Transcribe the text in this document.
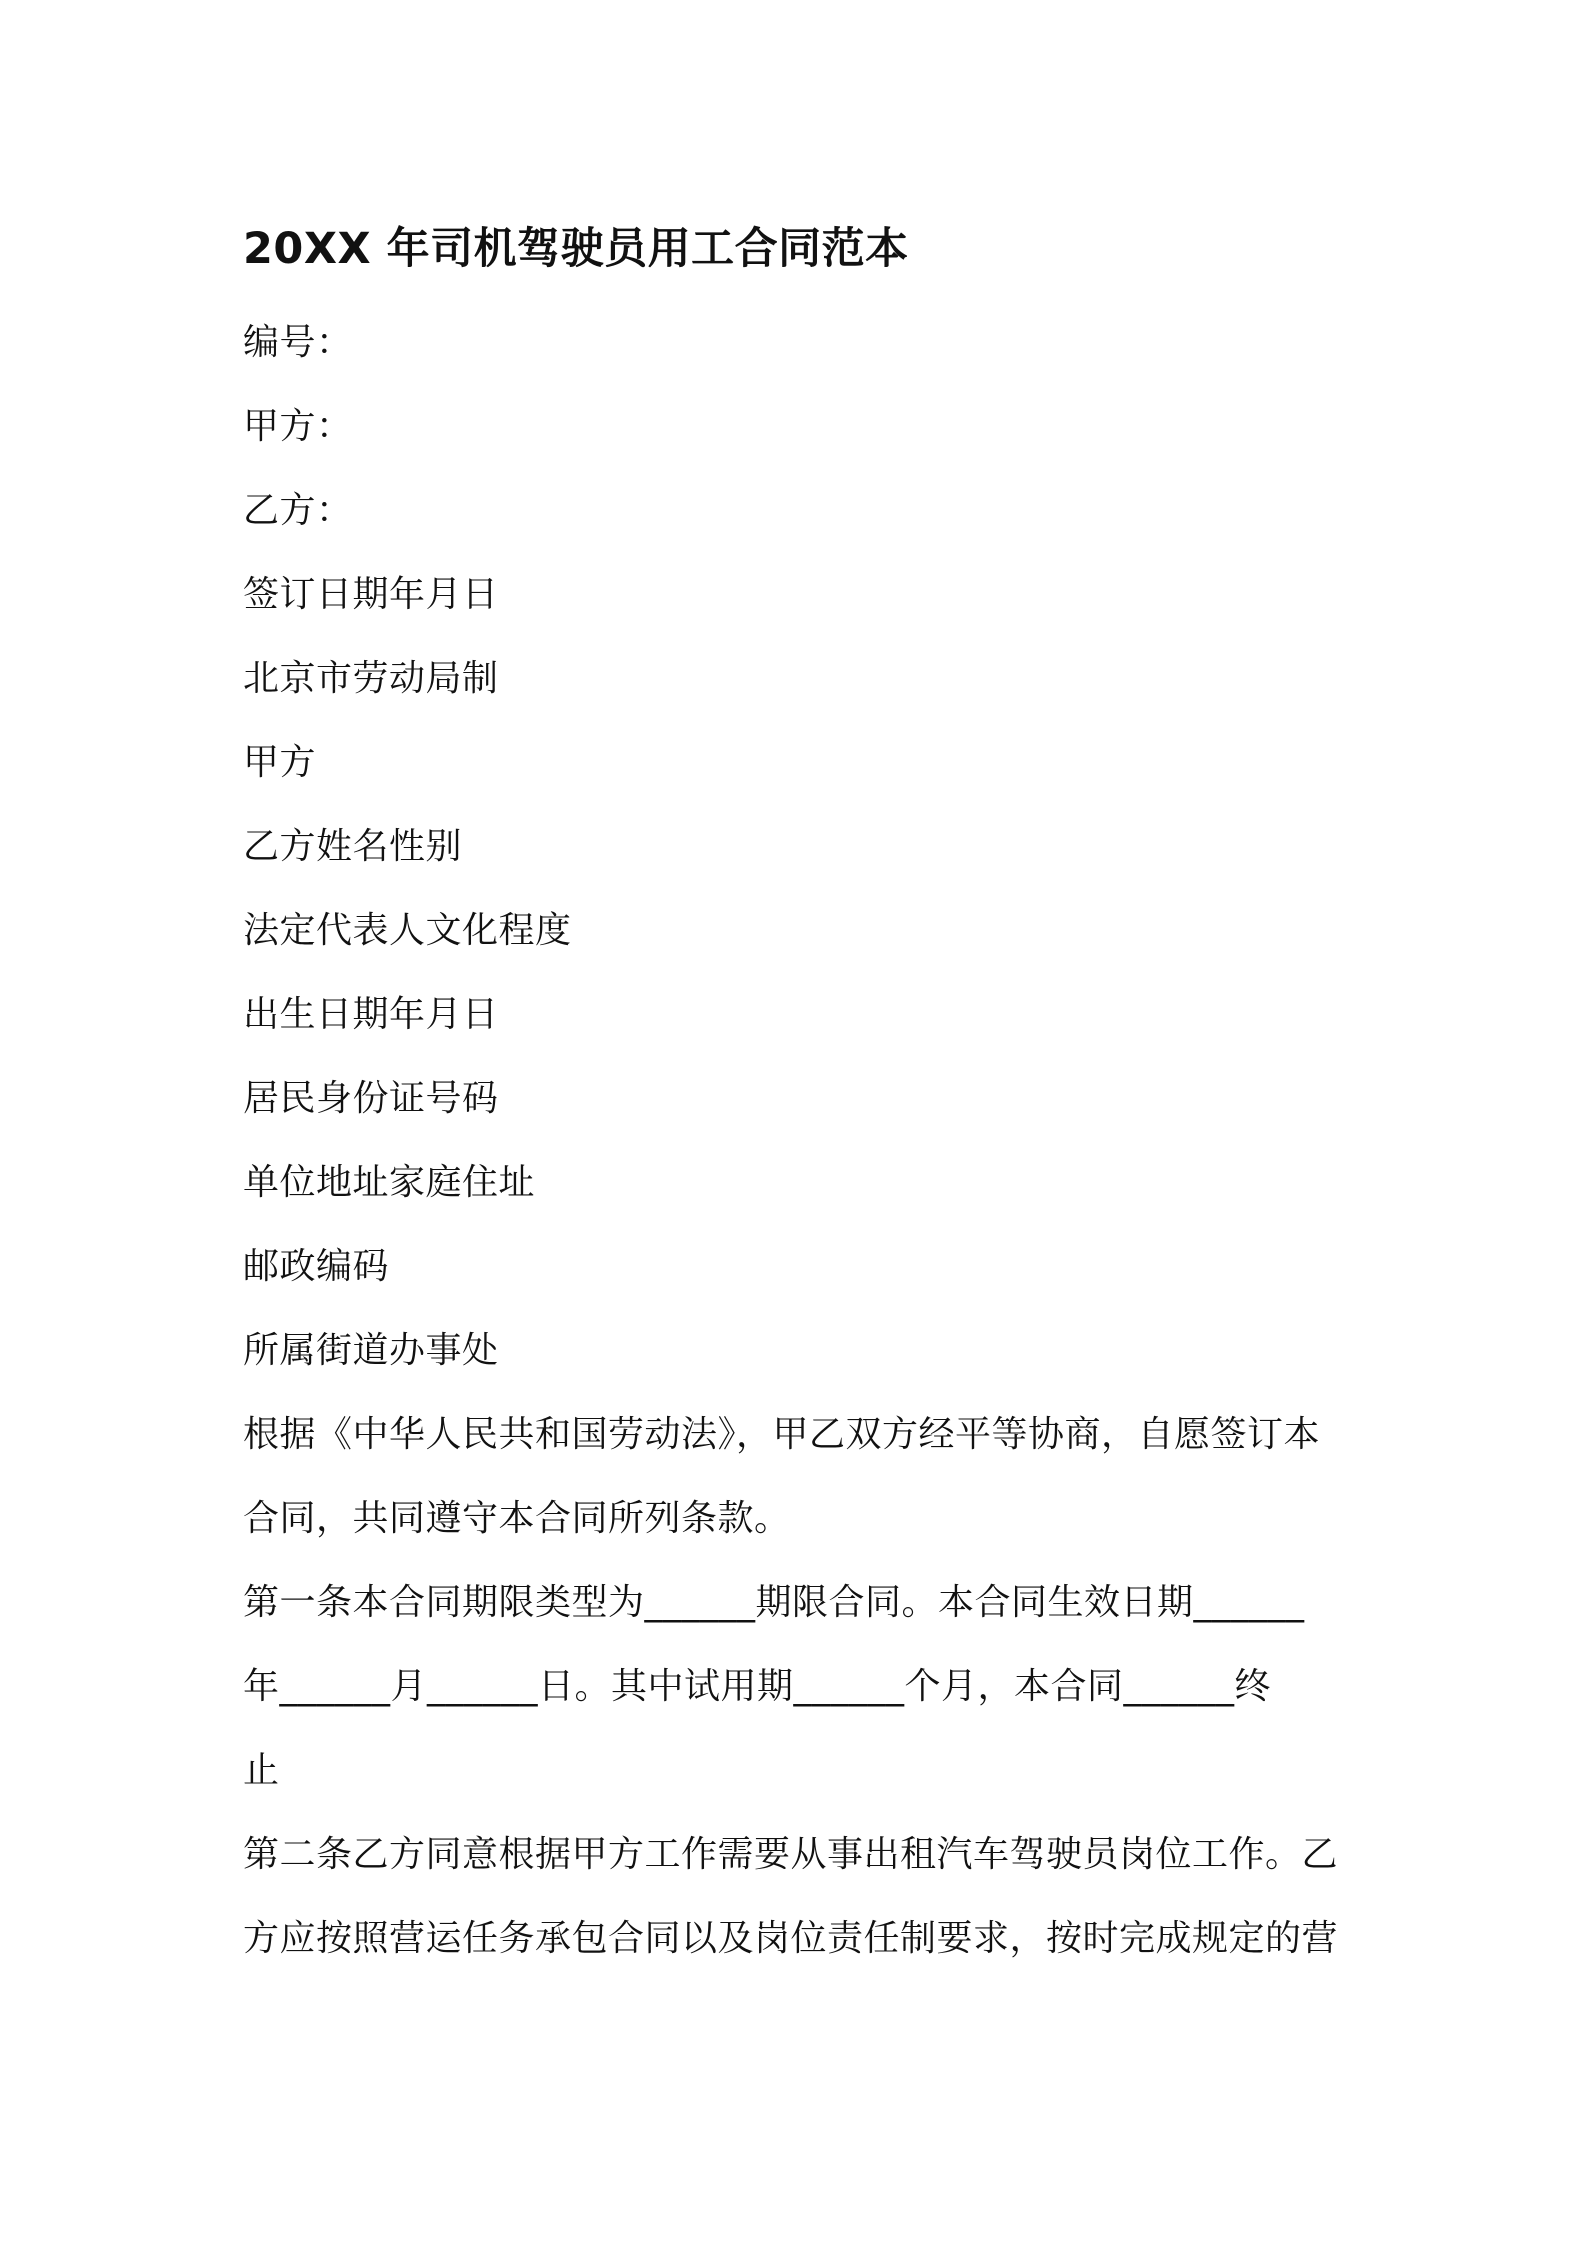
20XX 年司机驾驶员用工合同范本

编号：

甲方：

乙方：

签订日期年月日

北京市劳动局制

甲方

乙方姓名性别

法定代表人文化程度

出生日期年月日

居民身份证号码

单位地址家庭住址

邮政编码

所属街道办事处

根据《中华人民共和国劳动法》，甲乙双方经平等协商，自愿签订本
合同，共同遵守本合同所列条款。
第一条本合同期限类型为______期限合同。本合同生效日期______
年______月______日。其中试用期______个月，本合同______终
止
第二条乙方同意根据甲方工作需要从事出租汽车驾驶员岗位工作。乙
方应按照营运任务承包合同以及岗位责任制要求，按时完成规定的营
